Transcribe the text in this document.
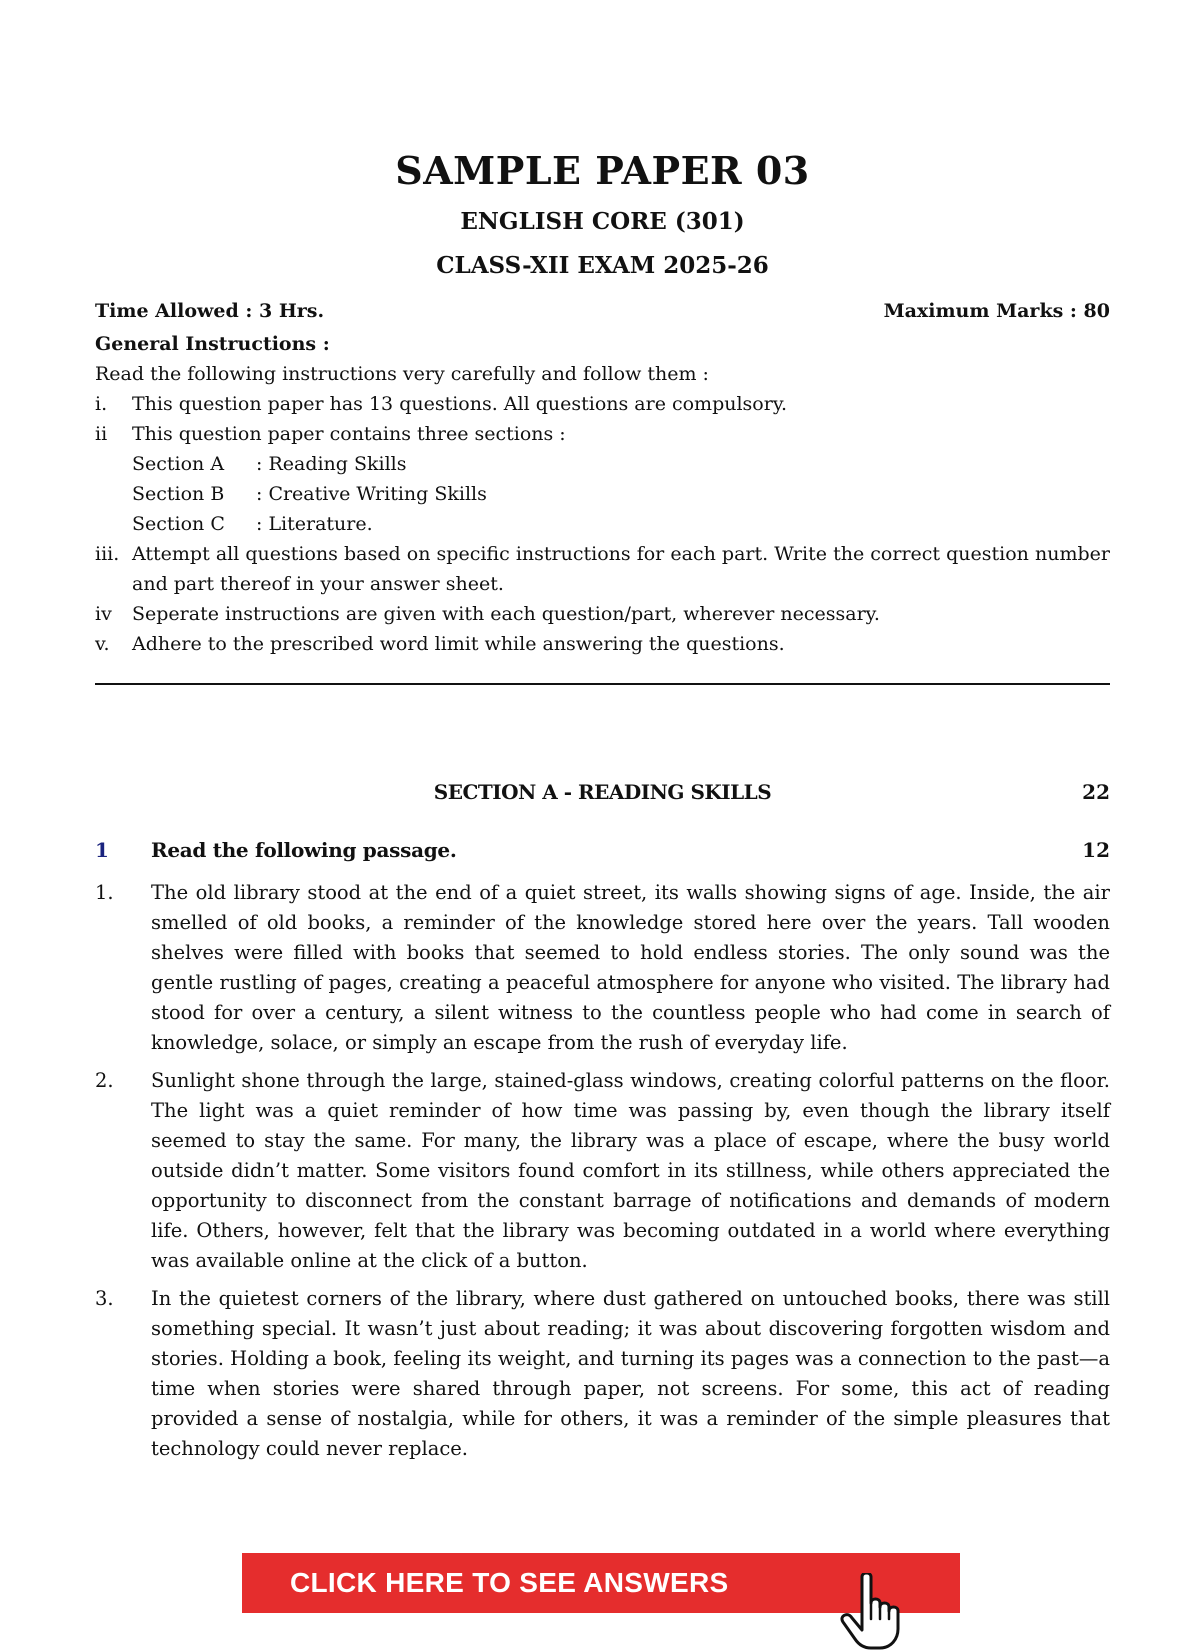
SAMPLE PAPER 03
ENGLISH CORE (301)
CLASS-XII EXAM 2025-26
Time Allowed : 3 Hrs.	Maximum Marks : 80
General Instructions :
Read the following instructions very carefully and follow them :
i.	This question paper has 13 questions. All questions are compulsory.
ii	This question paper contains three sections :
Section A : Reading Skills
Section B : Creative Writing Skills
Section C : Literature.
iii. Attempt all questions based on specific instructions for each part. Write the correct question number and part thereof in your answer sheet.
iv	Seperate instructions are given with each question/part, wherever necessary.
v.	Adhere to the prescribed word limit while answering the questions.
SECTION A - READING SKILLS	22
1 Read the following passage.	12
1.	The old library stood at the end of a quiet street, its walls showing signs of age. Inside, the air smelled of old books, a reminder of the knowledge stored here over the years. Tall wooden shelves were filled with books that seemed to hold endless stories. The only sound was the gentle rustling of pages, creating a peaceful atmosphere for anyone who visited. The library had stood for over a century, a silent witness to the countless people who had come in search of knowledge, solace, or simply an escape from the rush of everyday life.
2.	Sunlight shone through the large, stained-glass windows, creating colorful patterns on the floor. The light was a quiet reminder of how time was passing by, even though the library itself seemed to stay the same. For many, the library was a place of escape, where the busy world outside didn’t matter. Some visitors found comfort in its stillness, while others appreciated the opportunity to disconnect from the constant barrage of notifications and demands of modern life. Others, however, felt that the library was becoming outdated in a world where everything was available online at the click of a button.
3.	In the quietest corners of the library, where dust gathered on untouched books, there was still something special. It wasn’t just about reading; it was about discovering forgotten wisdom and stories. Holding a book, feeling its weight, and turning its pages was a connection to the past—a time when stories were shared through paper, not screens. For some, this act of reading provided a sense of nostalgia, while for others, it was a reminder of the simple pleasures that technology could never replace.
CLICK HERE TO SEE ANSWERS
